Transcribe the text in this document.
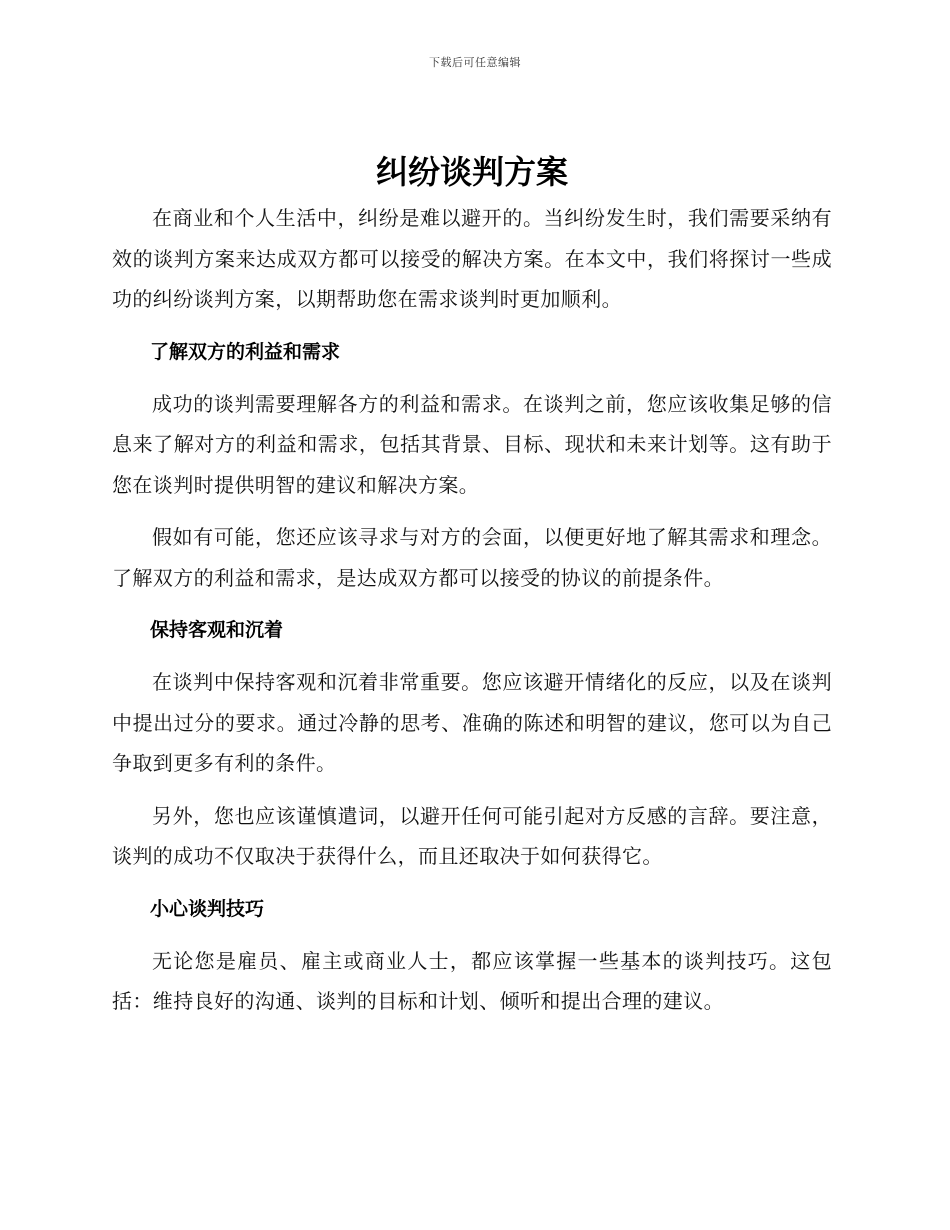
下载后可任意编辑
纠纷谈判方案

在商业和个人生活中，纠纷是难以避开的。当纠纷发生时，我们需要采纳有效的谈判方案来达成双方都可以接受的解决方案。在本文中，我们将探讨一些成功的纠纷谈判方案，以期帮助您在需求谈判时更加顺利。

了解双方的利益和需求

成功的谈判需要理解各方的利益和需求。在谈判之前，您应该收集足够的信息来了解对方的利益和需求，包括其背景、目标、现状和未来计划等。这有助于您在谈判时提供明智的建议和解决方案。

假如有可能，您还应该寻求与对方的会面，以便更好地了解其需求和理念。了解双方的利益和需求，是达成双方都可以接受的协议的前提条件。

保持客观和沉着

在谈判中保持客观和沉着非常重要。您应该避开情绪化的反应，以及在谈判中提出过分的要求。通过冷静的思考、准确的陈述和明智的建议，您可以为自己争取到更多有利的条件。

另外，您也应该谨慎遣词，以避开任何可能引起对方反感的言辞。要注意，谈判的成功不仅取决于获得什么，而且还取决于如何获得它。

小心谈判技巧

无论您是雇员、雇主或商业人士，都应该掌握一些基本的谈判技巧。这包括：维持良好的沟通、谈判的目标和计划、倾听和提出合理的建议。
